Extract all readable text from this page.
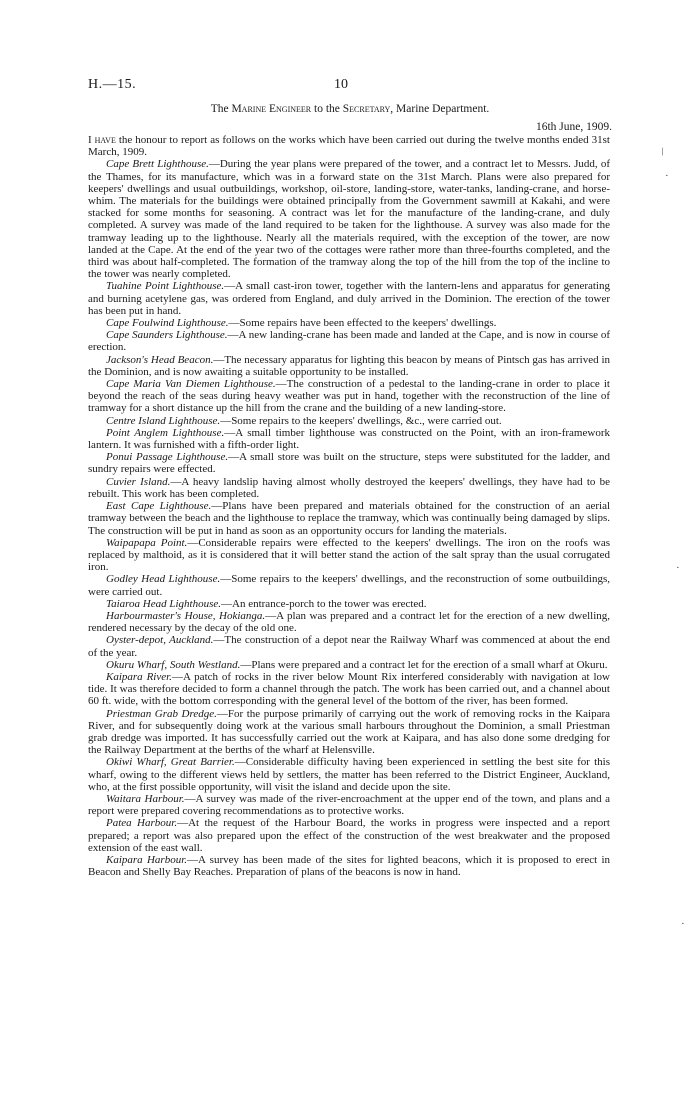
H.—15.	10
The Marine Engineer to the Secretary, Marine Department.
16th June, 1909.

I have the honour to report as follows on the works which have been carried out during the twelve months ended 31st March, 1909.

Cape Brett Lighthouse.—During the year plans were prepared of the tower, and a contract let to Messrs. Judd, of the Thames, for its manufacture, which was in a forward state on the 31st March. Plans were also prepared for keepers' dwellings and usual outbuildings, workshop, oil-store, landing-store, water-tanks, landing-crane, and horse-whim. The materials for the buildings were obtained principally from the Government sawmill at Kakahi, and were stacked for some months for seasoning. A contract was let for the manufacture of the landing-crane, and duly completed. A survey was made of the land required to be taken for the lighthouse. A survey was also made for the tramway leading up to the lighthouse. Nearly all the materials required, with the exception of the tower, are now landed at the Cape. At the end of the year two of the cottages were rather more than three-fourths completed, and the third was about half-completed. The formation of the tramway along the top of the hill from the top of the incline to the tower was nearly completed.

Tuahine Point Lighthouse.—A small cast-iron tower, together with the lantern-lens and apparatus for generating and burning acetylene gas, was ordered from England, and duly arrived in the Dominion. The erection of the tower has been put in hand.

Cape Foulwind Lighthouse.—Some repairs have been effected to the keepers' dwellings.

Cape Saunders Lighthouse.—A new landing-crane has been made and landed at the Cape, and is now in course of erection.

Jackson's Head Beacon.—The necessary apparatus for lighting this beacon by means of Pintsch gas has arrived in the Dominion, and is now awaiting a suitable opportunity to be installed.

Cape Maria Van Diemen Lighthouse.—The construction of a pedestal to the landing-crane in order to place it beyond the reach of the seas during heavy weather was put in hand, together with the reconstruction of the line of tramway for a short distance up the hill from the crane and the building of a new landing-store.

Centre Island Lighthouse.—Some repairs to the keepers' dwellings, &c., were carried out.

Point Anglem Lighthouse.—A small timber lighthouse was constructed on the Point, with an iron-framework lantern. It was furnished with a fifth-order light.

Ponui Passage Lighthouse.—A small store was built on the structure, steps were substituted for the ladder, and sundry repairs were effected.

Cuvier Island.—A heavy landslip having almost wholly destroyed the keepers' dwellings, they have had to be rebuilt. This work has been completed.

East Cape Lighthouse.—Plans have been prepared and materials obtained for the construction of an aerial tramway between the beach and the lighthouse to replace the tramway, which was continually being damaged by slips. The construction will be put in hand as soon as an opportunity occurs for landing the materials.

Waipapapa Point.—Considerable repairs were effected to the keepers' dwellings. The iron on the roofs was replaced by malthoid, as it is considered that it will better stand the action of the salt spray than the usual corrugated iron.

Godley Head Lighthouse.—Some repairs to the keepers' dwellings, and the reconstruction of some outbuildings, were carried out.

Taiaroa Head Lighthouse.—An entrance-porch to the tower was erected.

Harbourmaster's House, Hokianga.—A plan was prepared and a contract let for the erection of a new dwelling, rendered necessary by the decay of the old one.

Oyster-depot, Auckland.—The construction of a depot near the Railway Wharf was commenced at about the end of the year.

Okuru Wharf, South Westland.—Plans were prepared and a contract let for the erection of a small wharf at Okuru.

Kaipara River.—A patch of rocks in the river below Mount Rix interfered considerably with navigation at low tide. It was therefore decided to form a channel through the patch. The work has been carried out, and a channel about 60 ft. wide, with the bottom corresponding with the general level of the bottom of the river, has been formed.

Priestman Grab Dredge.—For the purpose primarily of carrying out the work of removing rocks in the Kaipara River, and for subsequently doing work at the various small harbours throughout the Dominion, a small Priestman grab dredge was imported. It has successfully carried out the work at Kaipara, and has also done some dredging for the Railway Department at the berths of the wharf at Helensville.

Okiwi Wharf, Great Barrier.—Considerable difficulty having been experienced in settling the best site for this wharf, owing to the different views held by settlers, the matter has been referred to the District Engineer, Auckland, who, at the first possible opportunity, will visit the island and decide upon the site.

Waitara Harbour.—A survey was made of the river-encroachment at the upper end of the town, and plans and a report were prepared covering recommendations as to protective works.

Patea Harbour.—At the request of the Harbour Board, the works in progress were inspected and a report prepared; a report was also prepared upon the effect of the construction of the west breakwater and the proposed extension of the east wall.

Kaipara Harbour.—A survey has been made of the sites for lighted beacons, which it is proposed to erect in Beacon and Shelly Bay Reaches. Preparation of plans of the beacons is now in hand.

/
·
·
·
